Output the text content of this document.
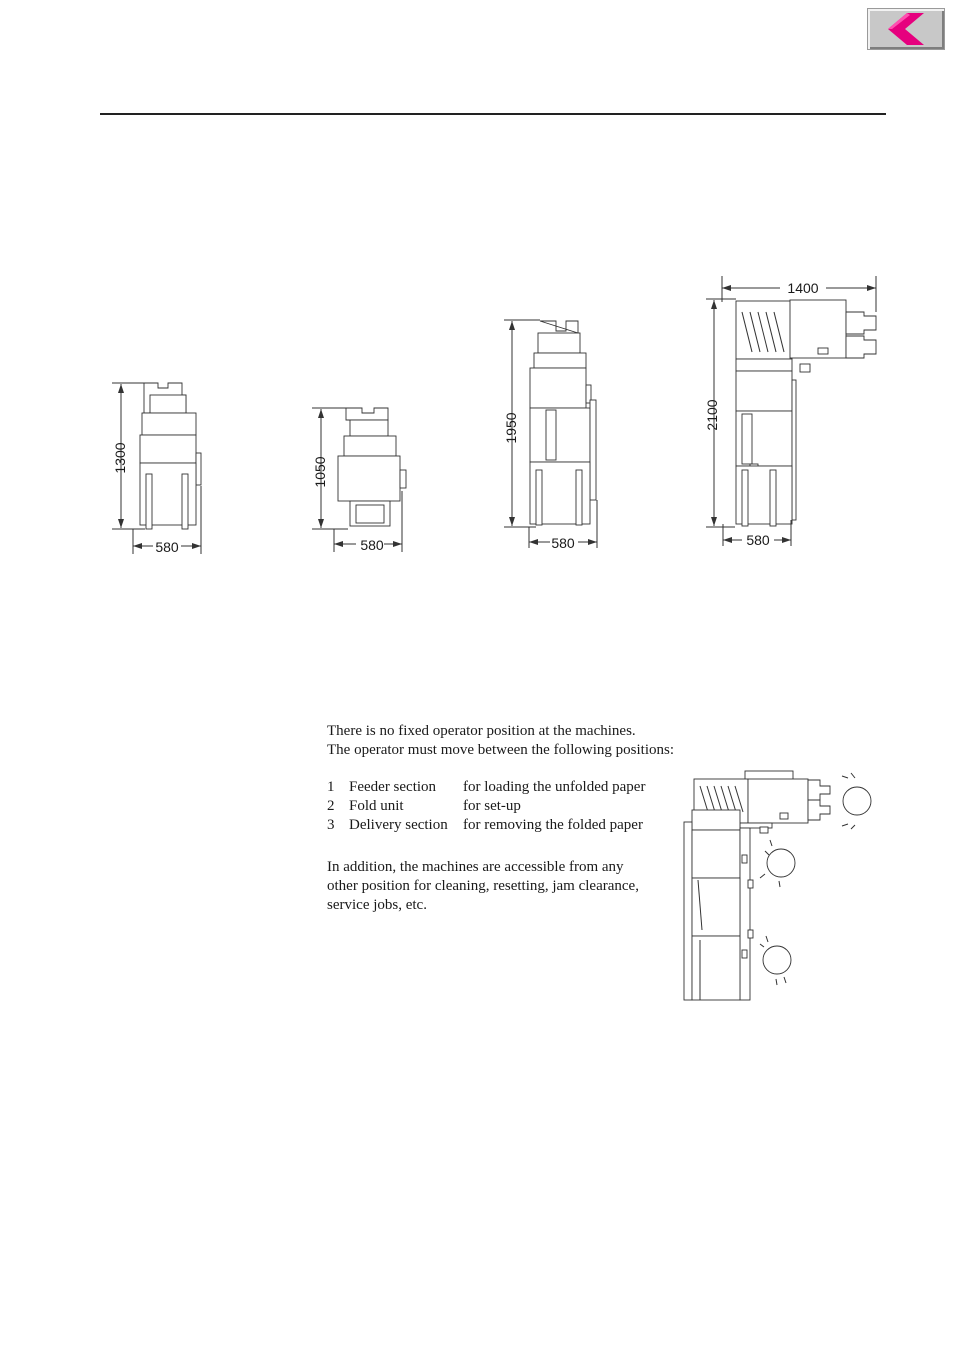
1300
580
1050
580
1950
580
2100
1400
580

There is no fixed operator position at the machines.

The operator must move between the following positions:

1 Feeder section for loading the unfolded paper
2 Fold unit	for set-up
3 Delivery section for removing the folded paper

In addition, the machines are accessible from any

other position for cleaning, resetting, jam clearance,

service jobs, etc.
